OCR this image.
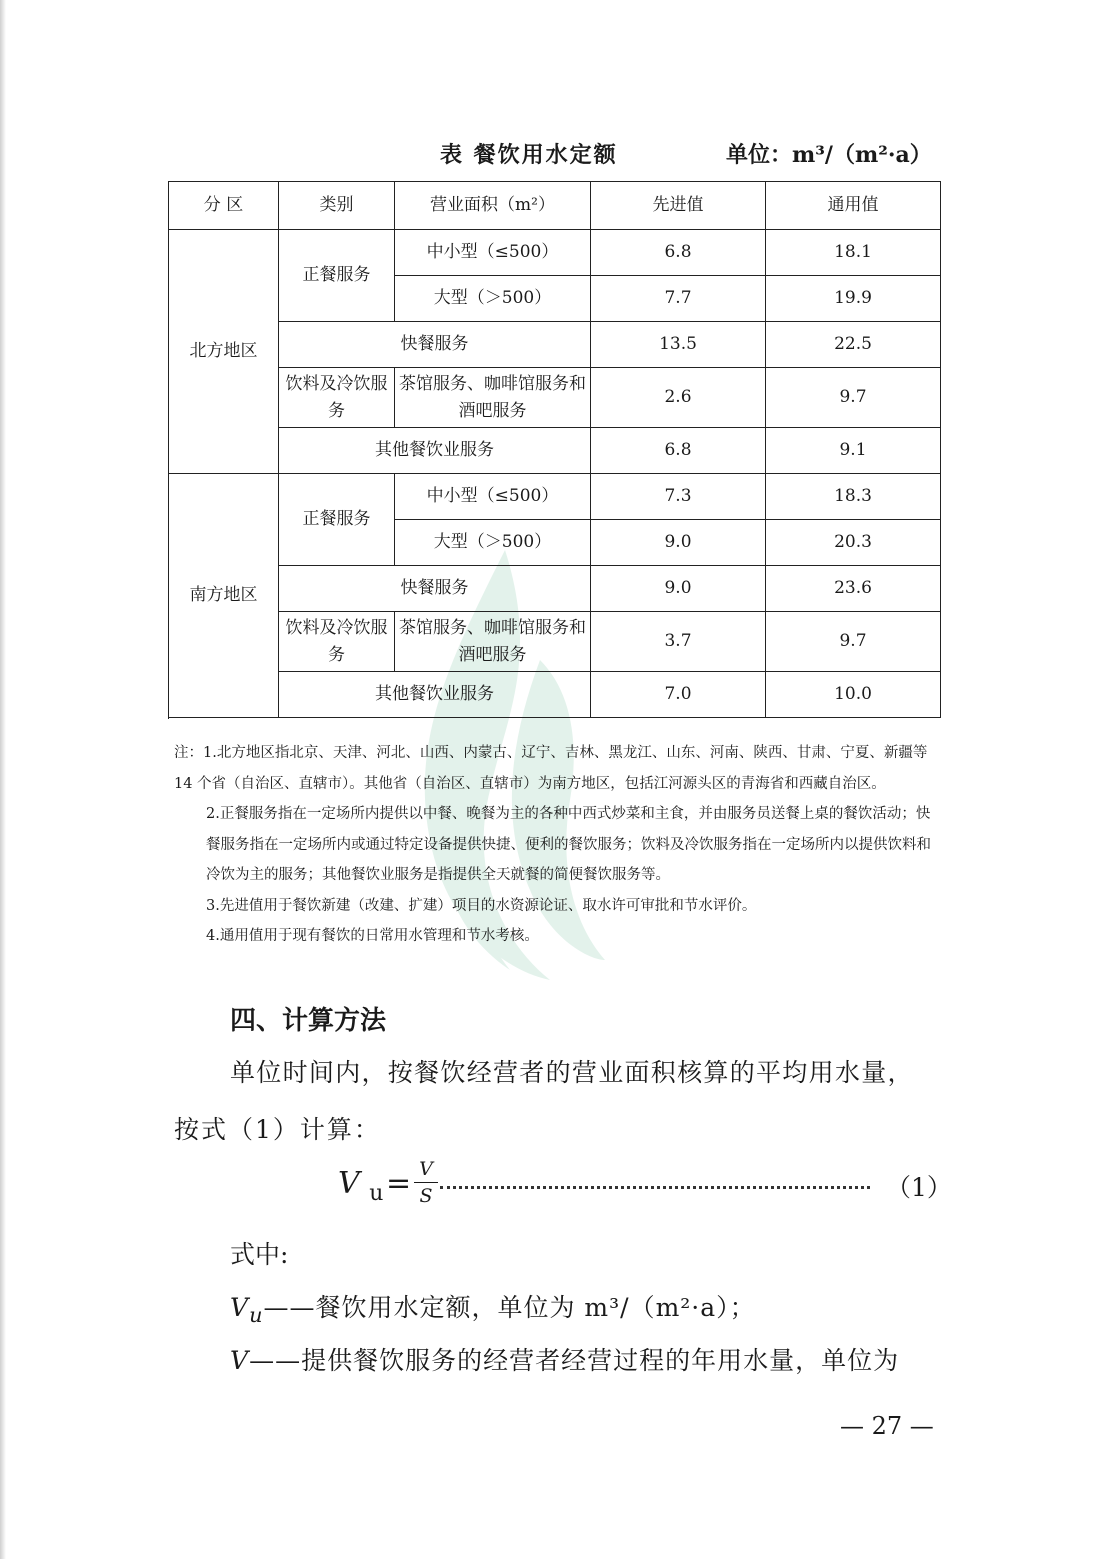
表 餐饮用水定额	单位：m³/（m²·a）
分 区	类别	营业面积（m²）	先进值	通用值
北方地区	正餐服务	中小型（≤500）	6.8	18.1
		大型（＞500）	7.7	19.9
	快餐服务		13.5	22.5
	饮料及冷饮服务	茶馆服务、咖啡馆服务和酒吧服务	2.6	9.7
	其他餐饮业服务		6.8	9.1

南方地区	正餐服务	中小型（≤500）	7.3	18.3
		大型（＞500）	9.0	20.3
	快餐服务		9.0	23.6
	饮料及冷饮服务	茶馆服务、咖啡馆服务和酒吧服务	3.7	9.7
	其他餐饮业服务		7.0	10.0

注：1.北方地区指北京、天津、河北、山西、内蒙古、辽宁、吉林、黑龙江、山东、河南、陕西、甘肃、宁夏、新疆等 14 个省（自治区、直辖市）。其他省（自治区、直辖市）为南方地区，包括江河源头区的青海省和西藏自治区。

2.正餐服务指在一定场所内提供以中餐、晚餐为主的各种中西式炒菜和主食，并由服务员送餐上桌的餐饮活动；快餐服务指在一定场所内或通过特定设备提供快捷、便利的餐饮服务；饮料及冷饮服务指在一定场所内以提供饮料和冷饮为主的服务；其他餐饮业服务是指提供全天就餐的简便餐饮服务等。

3.先进值用于餐饮新建（改建、扩建）项目的水资源论证、取水许可审批和节水评价。

4.通用值用于现有餐饮的日常用水管理和节水考核。

四、计算方法
单位时间内，按餐饮经营者的营业面积核算的平均用水量，
按式（1）计算：
V $_u$ = V
S	（1）
式中:
$V_u——$餐饮用水定额，单位为 m³/（m²·a）；
V——提供餐饮服务的经营者经营过程的年用水量，单位为
— 27 —
